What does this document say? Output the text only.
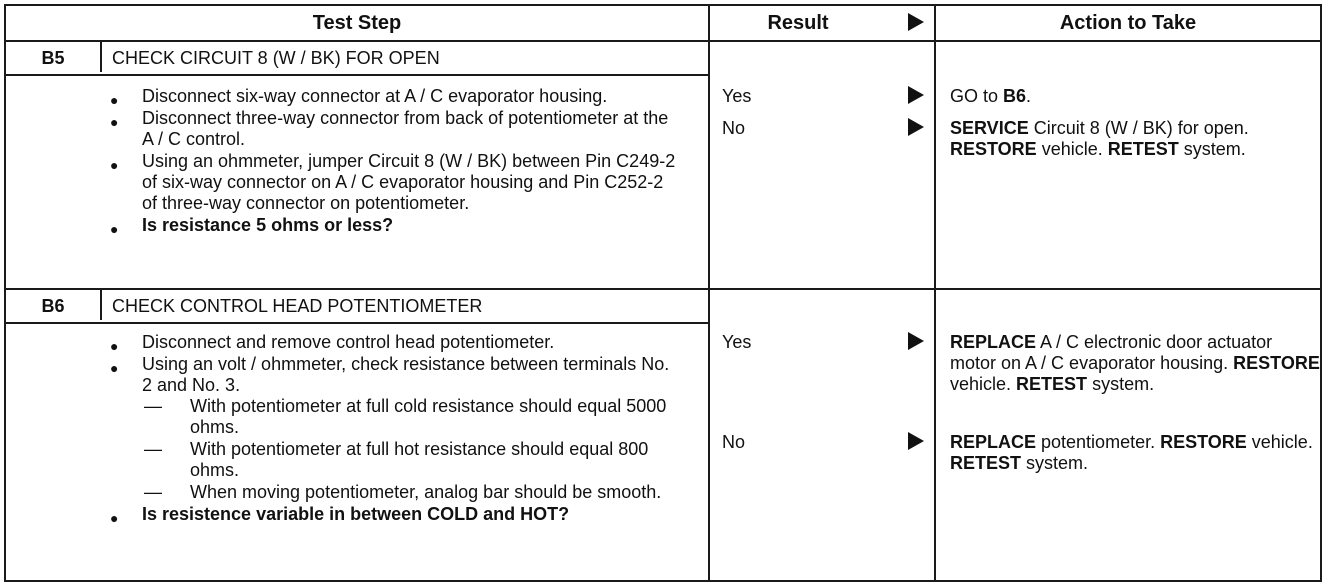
Test Step	Result	Action to Take
B5	CHECK CIRCUIT 8 (W / BK) FOR OPEN
● Disconnect six-way connector at A / C evaporator housing.
● Disconnect three-way connector from back of potentiometer at the A / C control.
● Using an ohmmeter, jumper Circuit 8 (W / BK) between Pin C249-2 of six-way connector on A / C evaporator housing and Pin C252-2 of three-way connector on potentiometer.
● Is resistance 5 ohms or less?
Yes	GO to B6.
No	SERVICE Circuit 8 (W / BK) for open. RESTORE vehicle. RETEST system.
B6	CHECK CONTROL HEAD POTENTIOMETER
● Disconnect and remove control head potentiometer.
● Using an volt / ohmmeter, check resistance between terminals No. 2 and No. 3.
— With potentiometer at full cold resistance should equal 5000 ohms.
— With potentiometer at full hot resistance should equal 800 ohms.
— When moving potentiometer, analog bar should be smooth.
● Is resistence variable in between COLD and HOT?
Yes	REPLACE A / C electronic door actuator motor on A / C evaporator housing. RESTORE vehicle. RETEST system.
No	REPLACE potentiometer. RESTORE vehicle. RETEST system.
